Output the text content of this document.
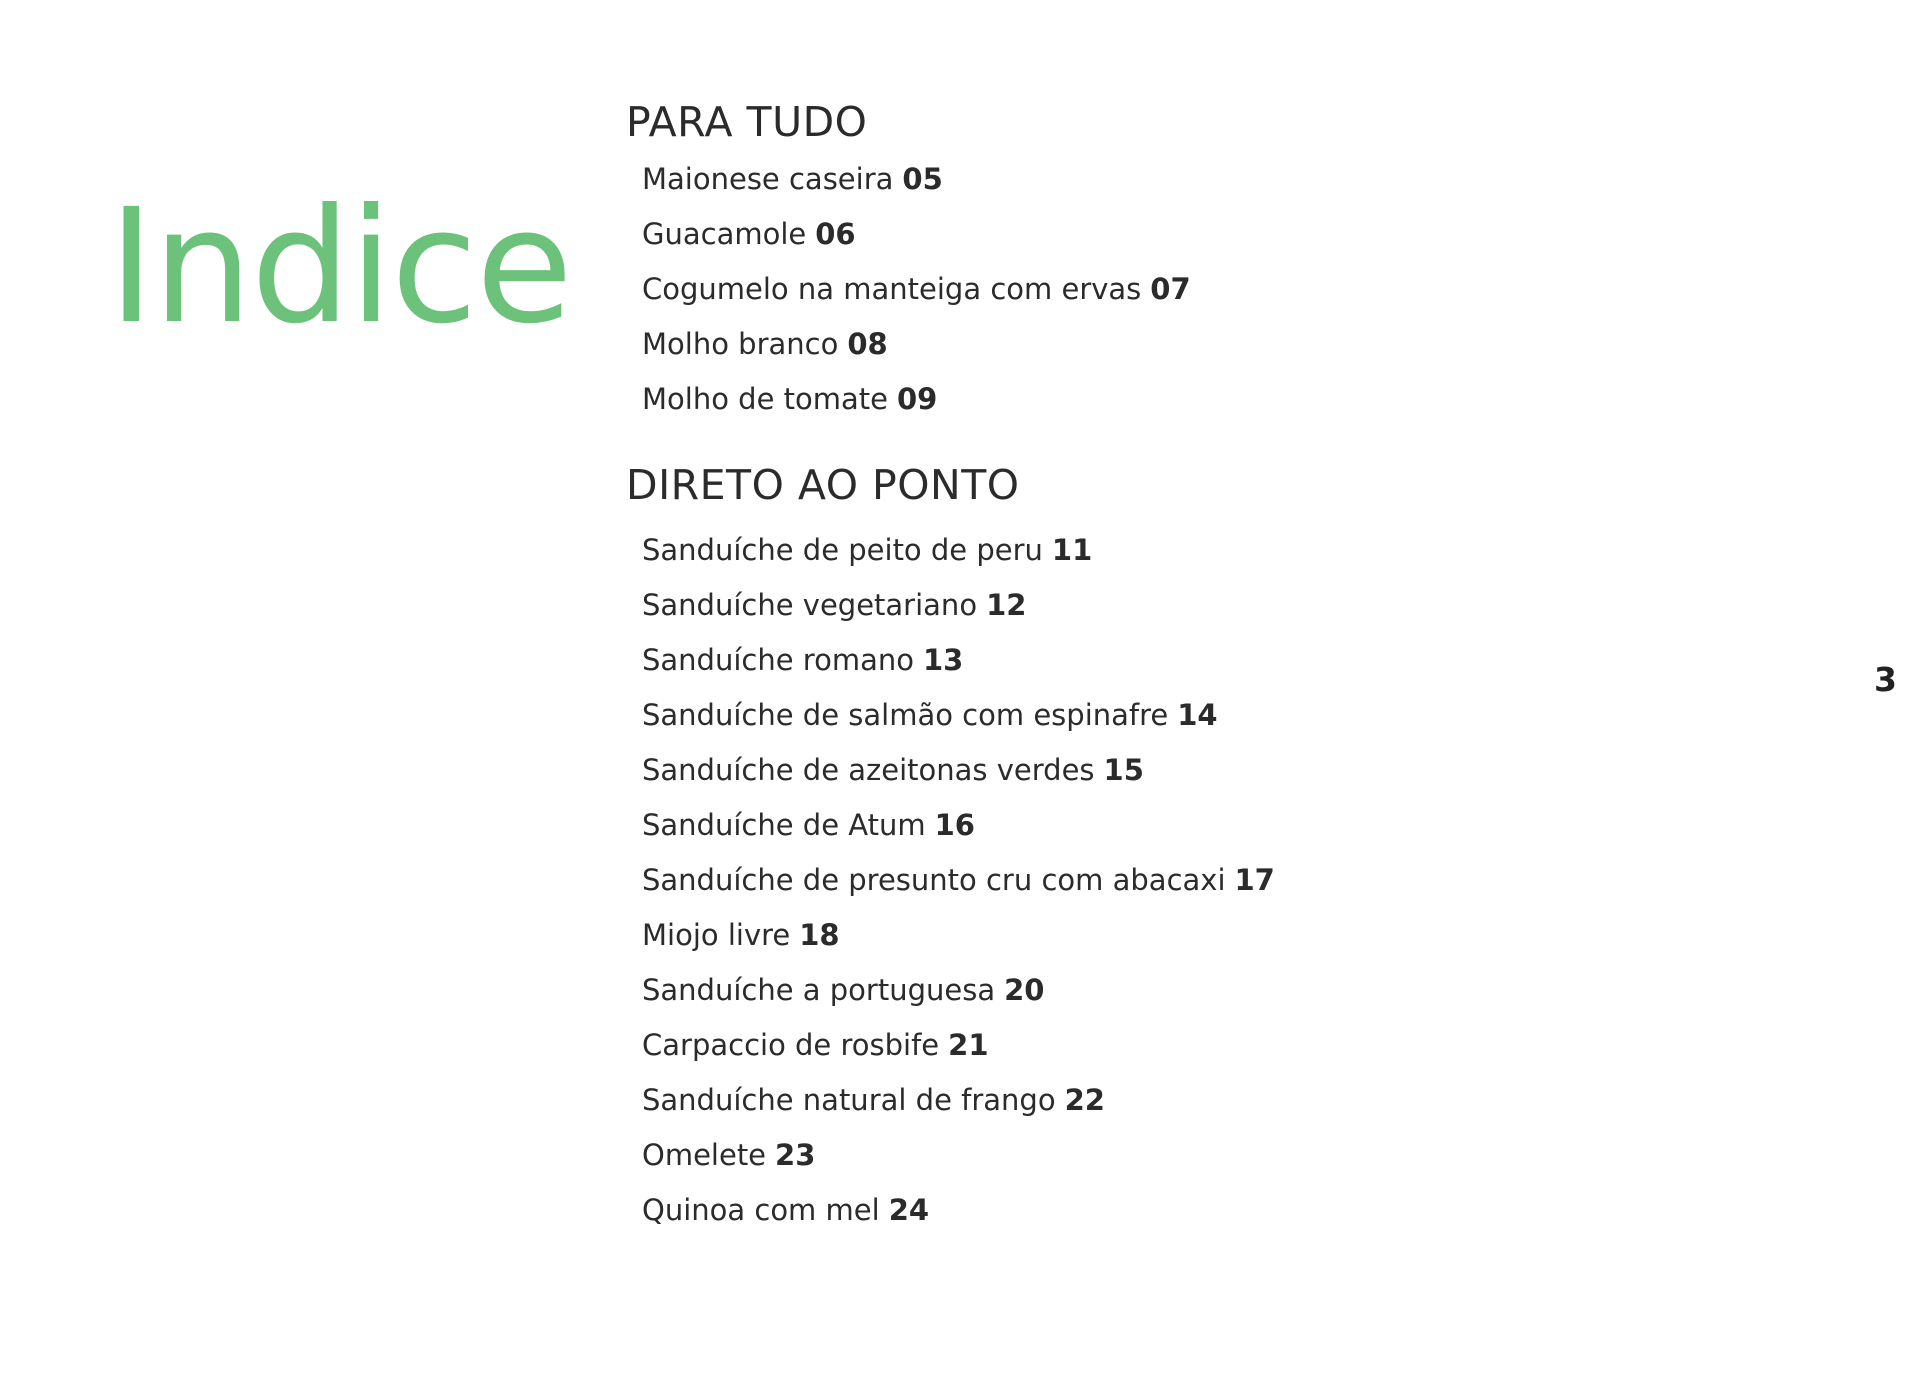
Indice
PARA TUDO
Maionese caseira 05
Guacamole 06
Cogumelo na manteiga com ervas 07
Molho branco 08
Molho de tomate 09
DIRETO AO PONTO
Sanduíche de peito de peru 11
Sanduíche vegetariano 12
Sanduíche romano 13
Sanduíche de salmão com espinafre 14
Sanduíche de azeitonas verdes 15
Sanduíche de Atum 16
Sanduíche de presunto cru com abacaxi 17
Miojo livre 18
Sanduíche a portuguesa 20
Carpaccio de rosbife 21
Sanduíche natural de frango 22
Omelete 23
Quinoa com mel 24
3
